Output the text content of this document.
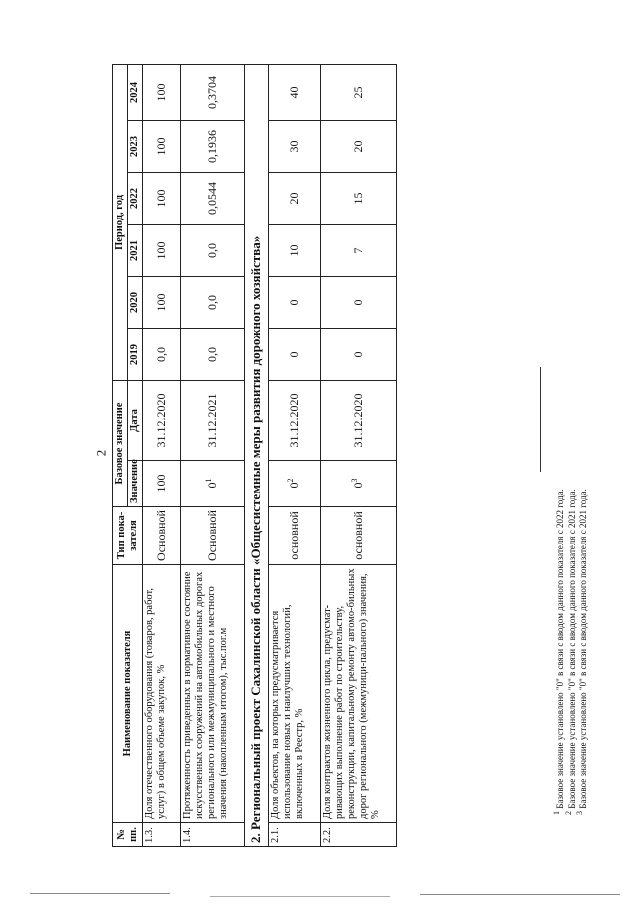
2
№ пп.	Наименование показателя	Тип пока-зателя	Базовое значение		Период, год					
			Значение	Дата	2019	2020	2021	2022	2023	2024

1.3.	Доля отечественного оборудования (товаров, работ, услуг) в общем объеме закупок, %	Основной	100	31.12.2020	0,0	100	100	100	100	100
1.4.	Протяженность приведенных в нормативное состояние искусственных сооружений на автомобильных дорогах регионального или межмуниципального и местного значения (накопленным итогом), тыс.пог.м	Основной	$0^1$	31.12.2021	0,0	0,0	0,0	0,0544	0,1936	0,3704
2. Региональный проект Сахалинской области «Общесистемные меры развития дорожного хозяйства»										
2.1.	Доля объектов, на которых предусматривается использование новых и наилучших технологий, включенных в Реестр, %	основной	$0^2$	31.12.2020	0	0	10	20	30	40
2.2.	Доля контрактов жизненного цикла, предусмат-ривающих выполнение работ по строительству, реконструкции, капитальному ремонту автомо-бильных дорог регионального (межмуници-пального) значения, %	основной	$0^3$	31.12.2020	0	0	7	15	20	25
$^1$ Базовое значение установлено "0" в связи с вводом данного показателя с 2022 года.
$^2$ Базовое значение установлено "0" в связи с вводом данного показателя с 2021 года.
$^3$ Базовое значение установлено "0" в связи с вводом данного показателя с 2021 года.
